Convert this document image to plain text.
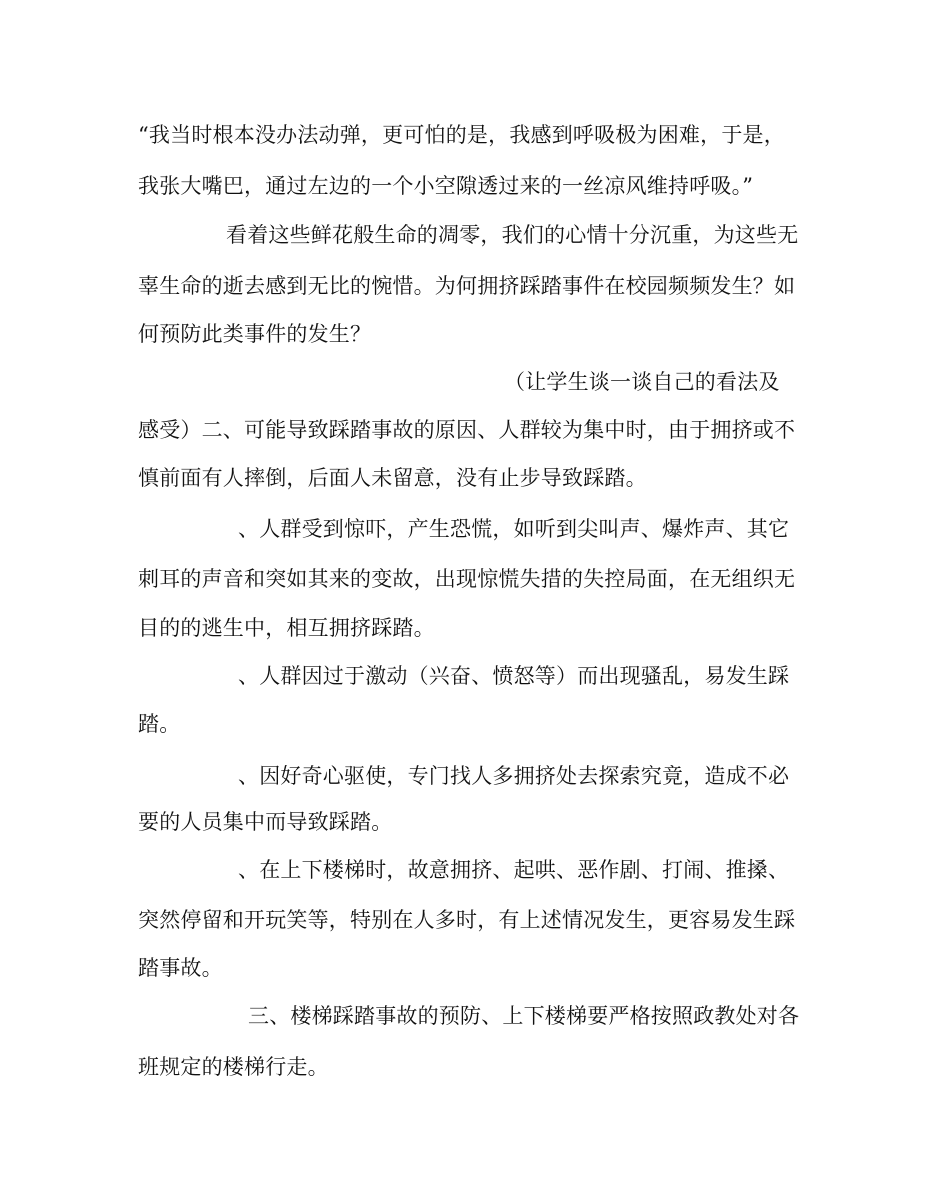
“我当时根本没办法动弹，更可怕的是，我感到呼吸极为困难，于是，
我张大嘴巴，通过左边的一个小空隙透过来的一丝凉风维持呼吸。”
看着这些鲜花般生命的凋零，我们的心情十分沉重，为这些无
辜生命的逝去感到无比的惋惜。为何拥挤踩踏事件在校园频频发生？如
何预防此类事件的发生？
（让学生谈一谈自己的看法及
感受）二、可能导致踩踏事故的原因、人群较为集中时，由于拥挤或不
慎前面有人摔倒，后面人未留意，没有止步导致踩踏。
、人群受到惊吓，产生恐慌，如听到尖叫声、爆炸声、其它
刺耳的声音和突如其来的变故，出现惊慌失措的失控局面，在无组织无
目的的逃生中，相互拥挤踩踏。
、人群因过于激动（兴奋、愤怒等）而出现骚乱，易发生踩
踏。
、因好奇心驱使，专门找人多拥挤处去探索究竟，造成不必
要的人员集中而导致踩踏。
、在上下楼梯时，故意拥挤、起哄、恶作剧、打闹、推搡、
突然停留和开玩笑等，特别在人多时，有上述情况发生，更容易发生踩
踏事故。
三、楼梯踩踏事故的预防、上下楼梯要严格按照政教处对各
班规定的楼梯行走。
